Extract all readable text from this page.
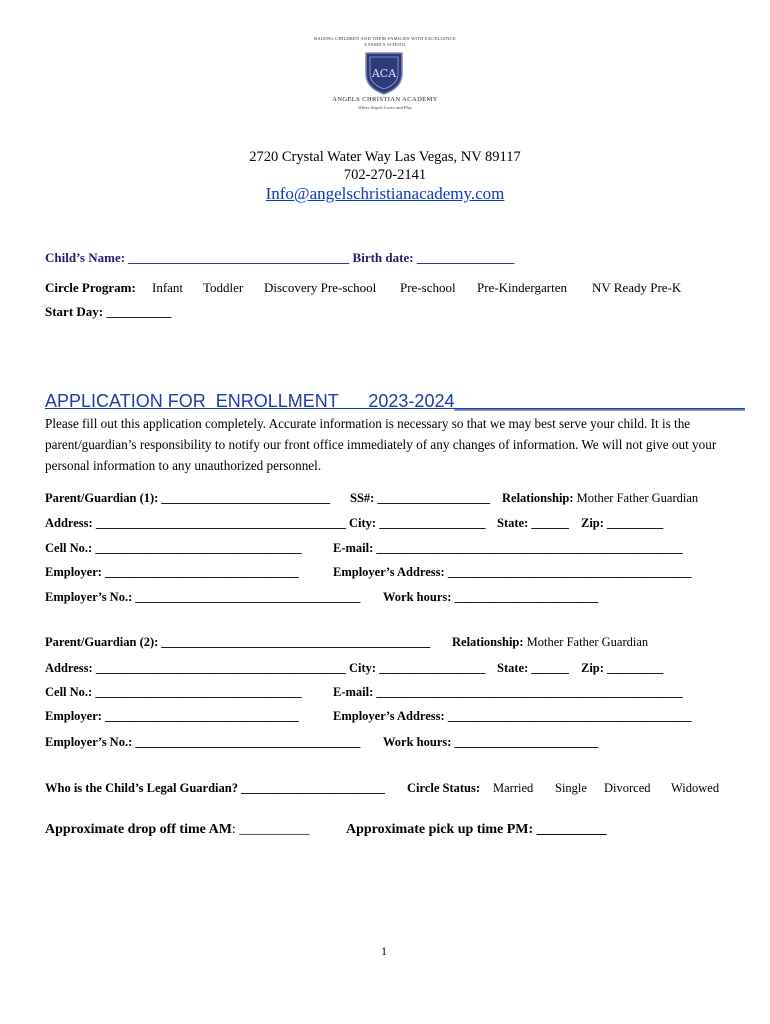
RAISING CHILDREN AND THEIR FAMILIES WITH EXCELLENCE
A FAMILY SCHOOL
ACA
ANGELS CHRISTIAN ACADEMY
Where Angels Learn and Play
2720 Crystal Water Way Las Vegas, NV 89117
702-270-2141
Info@angelschristianacademy.com
Child’s Name: __________________________________ Birth date: _______________
Circle Program: Infant Toddler Discovery Pre-school Pre-school Pre-Kindergarten NV Ready Pre-K
Start Day: __________
APPLICATION FOR  ENROLLMENT      2023-2024_____________________________
Please fill out this application completely. Accurate information is necessary so that we may best serve your child. It is the parent/guardian’s responsibility to notify our front office immediately of any changes of information. We will not give out your personal information to any unauthorized personnel.
Parent/Guardian (1): ___________________________ SS#: __________________ Relationship: Mother Father Guardian
Address: ________________________________________ City: _________________ State: ______ Zip: _________
Cell No.: _________________________________	E-mail: _________________________________________________
Employer: _______________________________	Employer’s Address: _______________________________________
Employer’s No.: ____________________________________ Work hours: _______________________
Parent/Guardian (2): ___________________________________________ Relationship: Mother Father Guardian
Address: ________________________________________ City: _________________ State: ______ Zip: _________
Cell No.: _________________________________	E-mail: _________________________________________________
Employer: _______________________________	Employer’s Address: _______________________________________
Employer’s No.: ____________________________________ Work hours: _______________________
Who is the Child’s Legal Guardian? _______________________ Circle Status: Married Single Divorced Widowed
Approximate drop off time AM: __________	Approximate pick up time PM: __________
1
